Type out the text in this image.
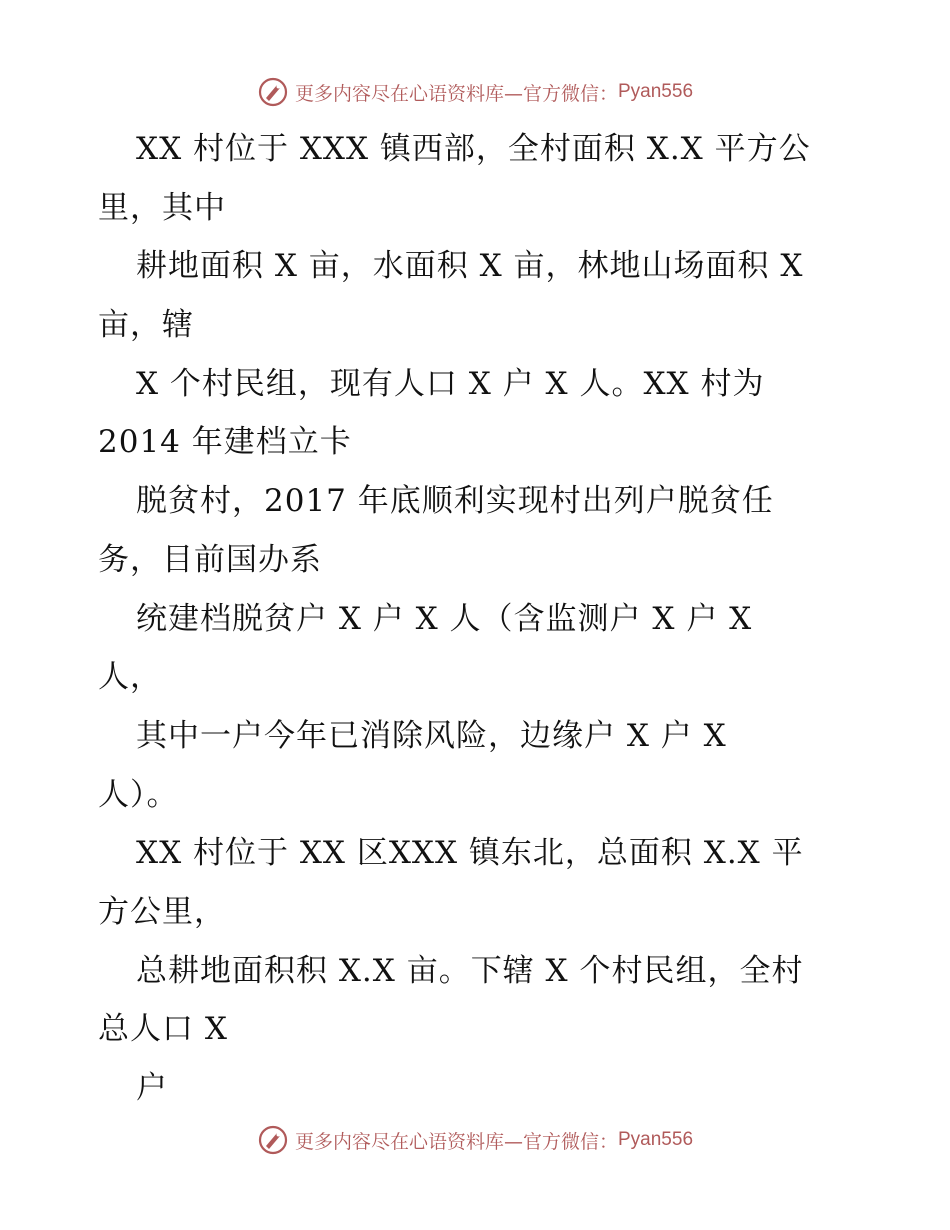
更多内容尽在心语资料库—官方微信： Pyan556
XX 村位于 XXX 镇西部，全村面积 X.X 平方公
里，其中
耕地面积 X 亩，水面积 X 亩，林地山场面积 X
亩，辖
X 个村民组，现有人口 X 户 X 人。XX 村为
2014 年建档立卡
脱贫村，2017 年底顺利实现村出列户脱贫任
务，目前国办系
统建档脱贫户 X 户 X 人（含监测户 X 户 X
人，
其中一户今年已消除风险，边缘户 X 户 X
人）。
XX 村位于 XX 区XXX 镇东北，总面积 X.X 平
方公里，
总耕地面积积 X.X 亩。下辖 X 个村民组，全村
总人口 X
户
更多内容尽在心语资料库—官方微信： Pyan556
